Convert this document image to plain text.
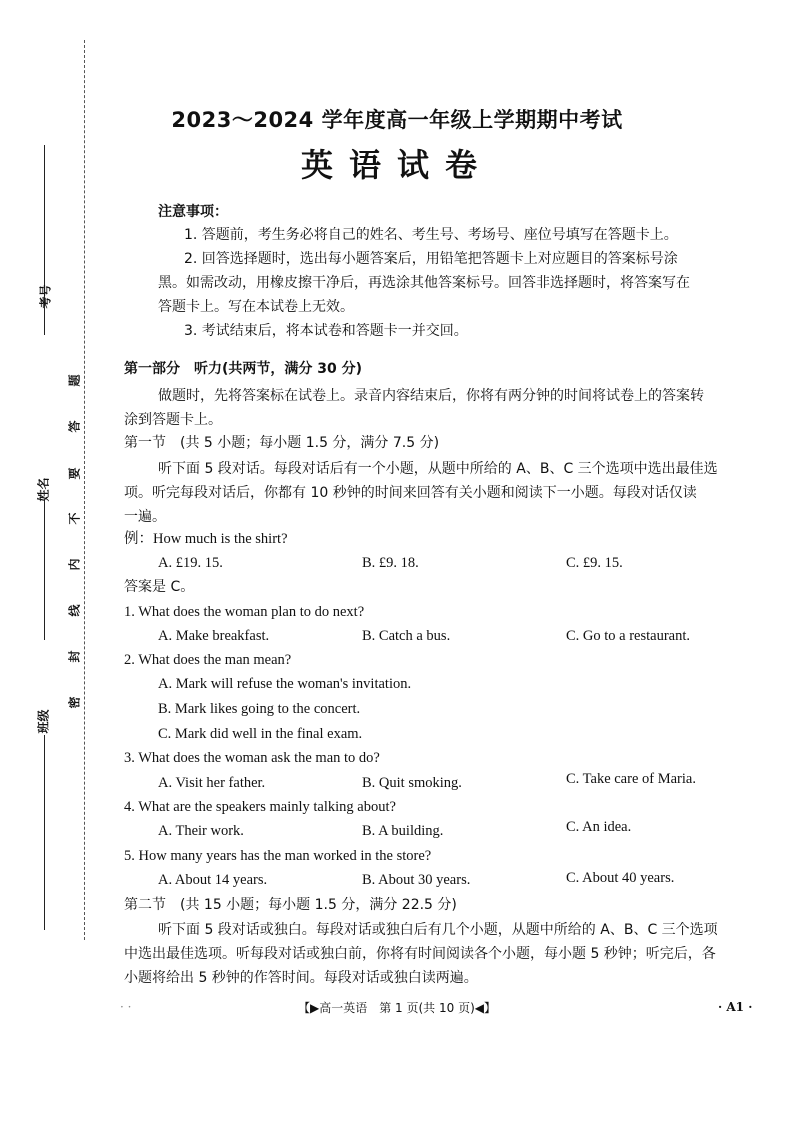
考号
姓名
班级
题
答
要
不
内
线
封
密
2023～2024 学年度高一年级上学期期中考试
英语试卷
注意事项：
1. 答题前，考生务必将自己的姓名、考生号、考场号、座位号填写在答题卡上。
2. 回答选择题时，选出每小题答案后，用铅笔把答题卡上对应题目的答案标号涂
黑。如需改动，用橡皮擦干净后，再选涂其他答案标号。回答非选择题时，将答案写在
答题卡上。写在本试卷上无效。
3. 考试结束后，将本试卷和答题卡一并交回。
第一部分　听力(共两节，满分 30 分)
做题时，先将答案标在试卷上。录音内容结束后，你将有两分钟的时间将试卷上的答案转
涂到答题卡上。
第一节　(共 5 小题；每小题 1.5 分，满分 7.5 分)
听下面 5 段对话。每段对话后有一个小题，从题中所给的 A、B、C 三个选项中选出最佳选
项。听完每段对话后，你都有 10 秒钟的时间来回答有关小题和阅读下一小题。每段对话仅读
一遍。
例：How much is the shirt?
A. £19. 15.	B. £9. 18.	C. £9. 15.
答案是 C。
1. What does the woman plan to do next?
A. Make breakfast.	B. Catch a bus.	C. Go to a restaurant.
2. What does the man mean?
A. Mark will refuse the woman's invitation.
B. Mark likes going to the concert.
C. Mark did well in the final exam.
3. What does the woman ask the man to do?
A. Visit her father.	B. Quit smoking.	C. Take care of Maria.
4. What are the speakers mainly talking about?
A. Their work.	B. A building.	C. An idea.
5. How many years has the man worked in the store?
A. About 14 years.	B. About 30 years.	C. About 40 years.
第二节　(共 15 小题；每小题 1.5 分，满分 22.5 分)
听下面 5 段对话或独白。每段对话或独白后有几个小题，从题中所给的 A、B、C 三个选项
中选出最佳选项。听每段对话或独白前，你将有时间阅读各个小题，每小题 5 秒钟；听完后，各
小题将给出 5 秒钟的作答时间。每段对话或独白读两遍。
· ·	【▶高一英语　第 1 页(共 10 页)◀】	· A1 ·
